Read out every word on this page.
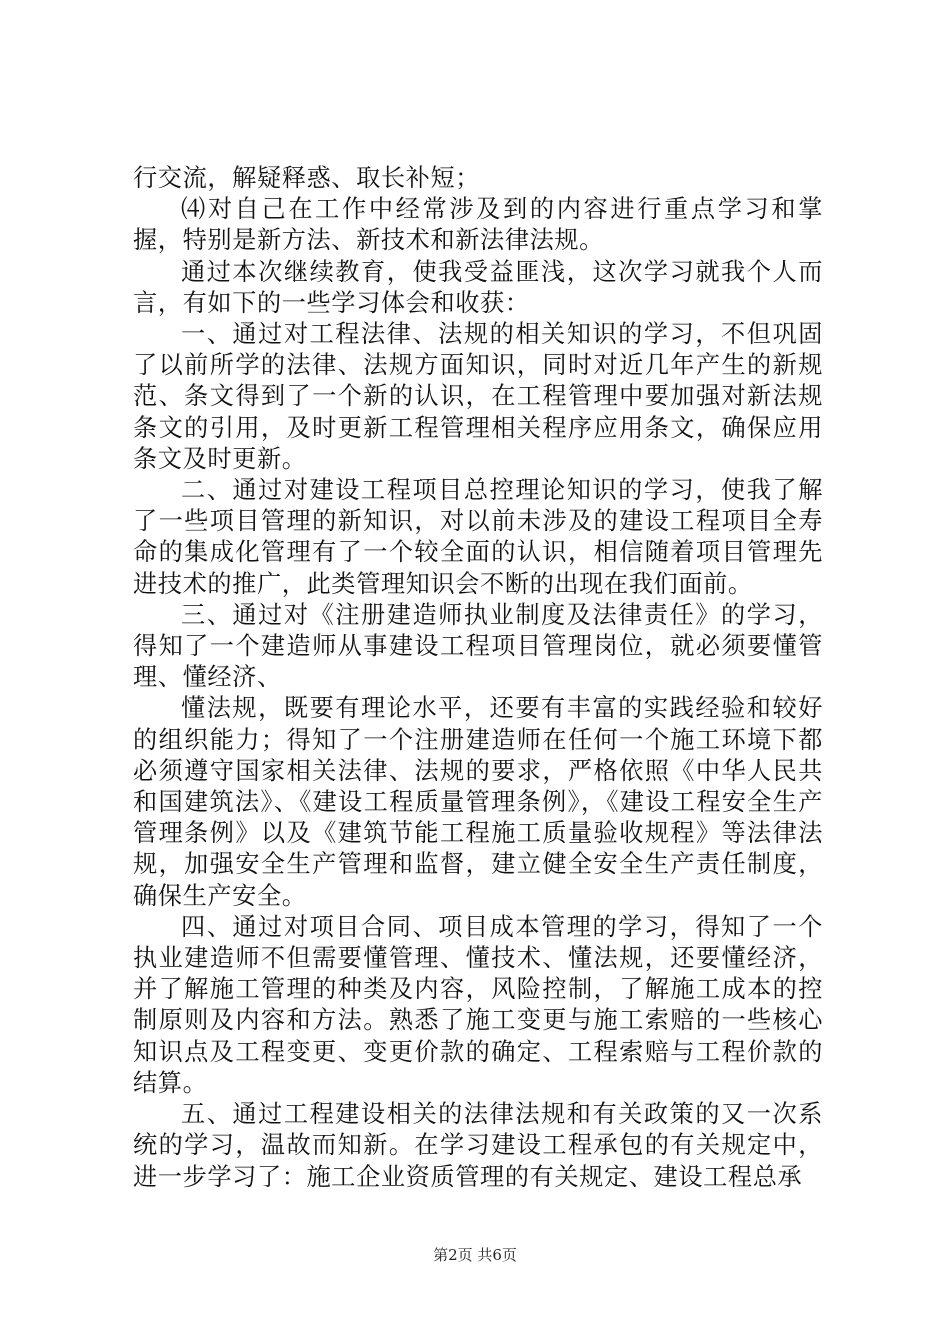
行交流，解疑释惑、取长补短；

⑷对自己在工作中经常涉及到的内容进行重点学习和掌握，特别是新方法、新技术和新法律法规。

通过本次继续教育，使我受益匪浅，这次学习就我个人而言，有如下的一些学习体会和收获：

一、通过对工程法律、法规的相关知识的学习，不但巩固了以前所学的法律、法规方面知识，同时对近几年产生的新规范、条文得到了一个新的认识，在工程管理中要加强对新法规条文的引用，及时更新工程管理相关程序应用条文，确保应用条文及时更新。

二、通过对建设工程项目总控理论知识的学习，使我了解了一些项目管理的新知识，对以前未涉及的建设工程项目全寿命的集成化管理有了一个较全面的认识，相信随着项目管理先进技术的推广，此类管理知识会不断的出现在我们面前。

三、通过对《注册建造师执业制度及法律责任》的学习，得知了一个建造师从事建设工程项目管理岗位，就必须要懂管理、懂经济、

懂法规，既要有理论水平，还要有丰富的实践经验和较好的组织能力；得知了一个注册建造师在任何一个施工环境下都必须遵守国家相关法律、法规的要求，严格依照《中华人民共和国建筑法》、《建设工程质量管理条例》，《建设工程安全生产管理条例》以及《建筑节能工程施工质量验收规程》等法律法规，加强安全生产管理和监督，建立健全安全生产责任制度，确保生产安全。

四、通过对项目合同、项目成本管理的学习，得知了一个执业建造师不但需要懂管理、懂技术、懂法规，还要懂经济，并了解施工管理的种类及内容，风险控制，了解施工成本的控制原则及内容和方法。熟悉了施工变更与施工索赔的一些核心知识点及工程变更、变更价款的确定、工程索赔与工程价款的结算。

五、通过工程建设相关的法律法规和有关政策的又一次系统的学习，温故而知新。在学习建设工程承包的有关规定中，进一步学习了：施工企业资质管理的有关规定、建设工程总承

第2页 共6页
